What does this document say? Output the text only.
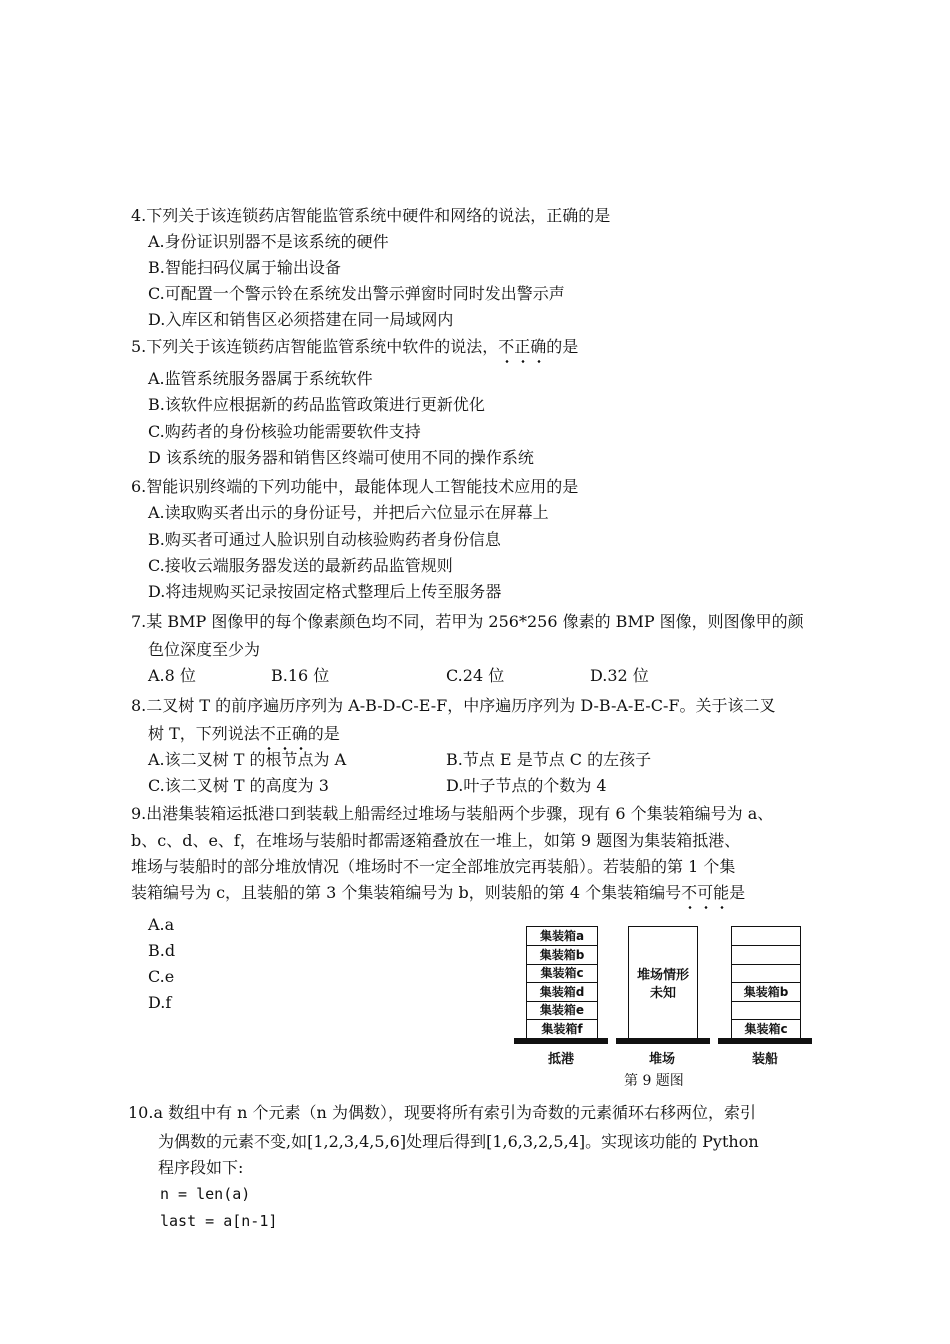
4.下列关于该连锁药店智能监管系统中硬件和网络的说法，正确的是
A.身份证识别器不是该系统的硬件
B.智能扫码仪属于输出设备
C.可配置一个警示铃在系统发出警示弹窗时同时发出警示声
D.入库区和销售区必须搭建在同一局域网内
5.下列关于该连锁药店智能监管系统中软件的说法，不正确的是
A.监管系统服务器属于系统软件
B.该软件应根据新的药品监管政策进行更新优化
C.购药者的身份核验功能需要软件支持
D 该系统的服务器和销售区终端可使用不同的操作系统
6.智能识别终端的下列功能中，最能体现人工智能技术应用的是
A.读取购买者出示的身份证号，并把后六位显示在屏幕上
B.购买者可通过人脸识别自动核验购药者身份信息
C.接收云端服务器发送的最新药品监管规则
D.将违规购买记录按固定格式整理后上传至服务器
7.某 BMP 图像甲的每个像素颜色均不同，若甲为 256*256 像素的 BMP 图像，则图像甲的颜
色位深度至少为
A.8 位	B.16 位	C.24 位	D.32 位
8.二叉树 T 的前序遍历序列为 A-B-D-C-E-F，中序遍历序列为 D-B-A-E-C-F。关于该二叉
树 T，下列说法不正确的是
A.该二叉树 T 的根节点为 A	B.节点 E 是节点 C 的左孩子
C.该二叉树 T 的高度为 3	D.叶子节点的个数为 4
9.出港集装箱运抵港口到装载上船需经过堆场与装船两个步骤，现有 6 个集装箱编号为 a、
b、c、d、e、f，在堆场与装船时都需逐箱叠放在一堆上，如第 9 题图为集装箱抵港、
堆场与装船时的部分堆放情况（堆场时不一定全部堆放完再装船）。若装船的第 1 个集
装箱编号为 c，且装船的第 3 个集装箱编号为 b，则装船的第 4 个集装箱编号不可能是
A.a
B.d
C.e
D.f
集装箱a
集装箱b
集装箱c
集装箱d
集装箱e
集装箱f
堆场情形
未知	集装箱b
集装箱c
抵港	堆场	装船
第 9 题图
10.a 数组中有 n 个元素（n 为偶数），现要将所有索引为奇数的元素循环右移两位，索引
为偶数的元素不变,如[1,2,3,4,5,6]处理后得到[1,6,3,2,5,4]。实现该功能的 Python
程序段如下:
n = len(a)
last = a[n-1]
